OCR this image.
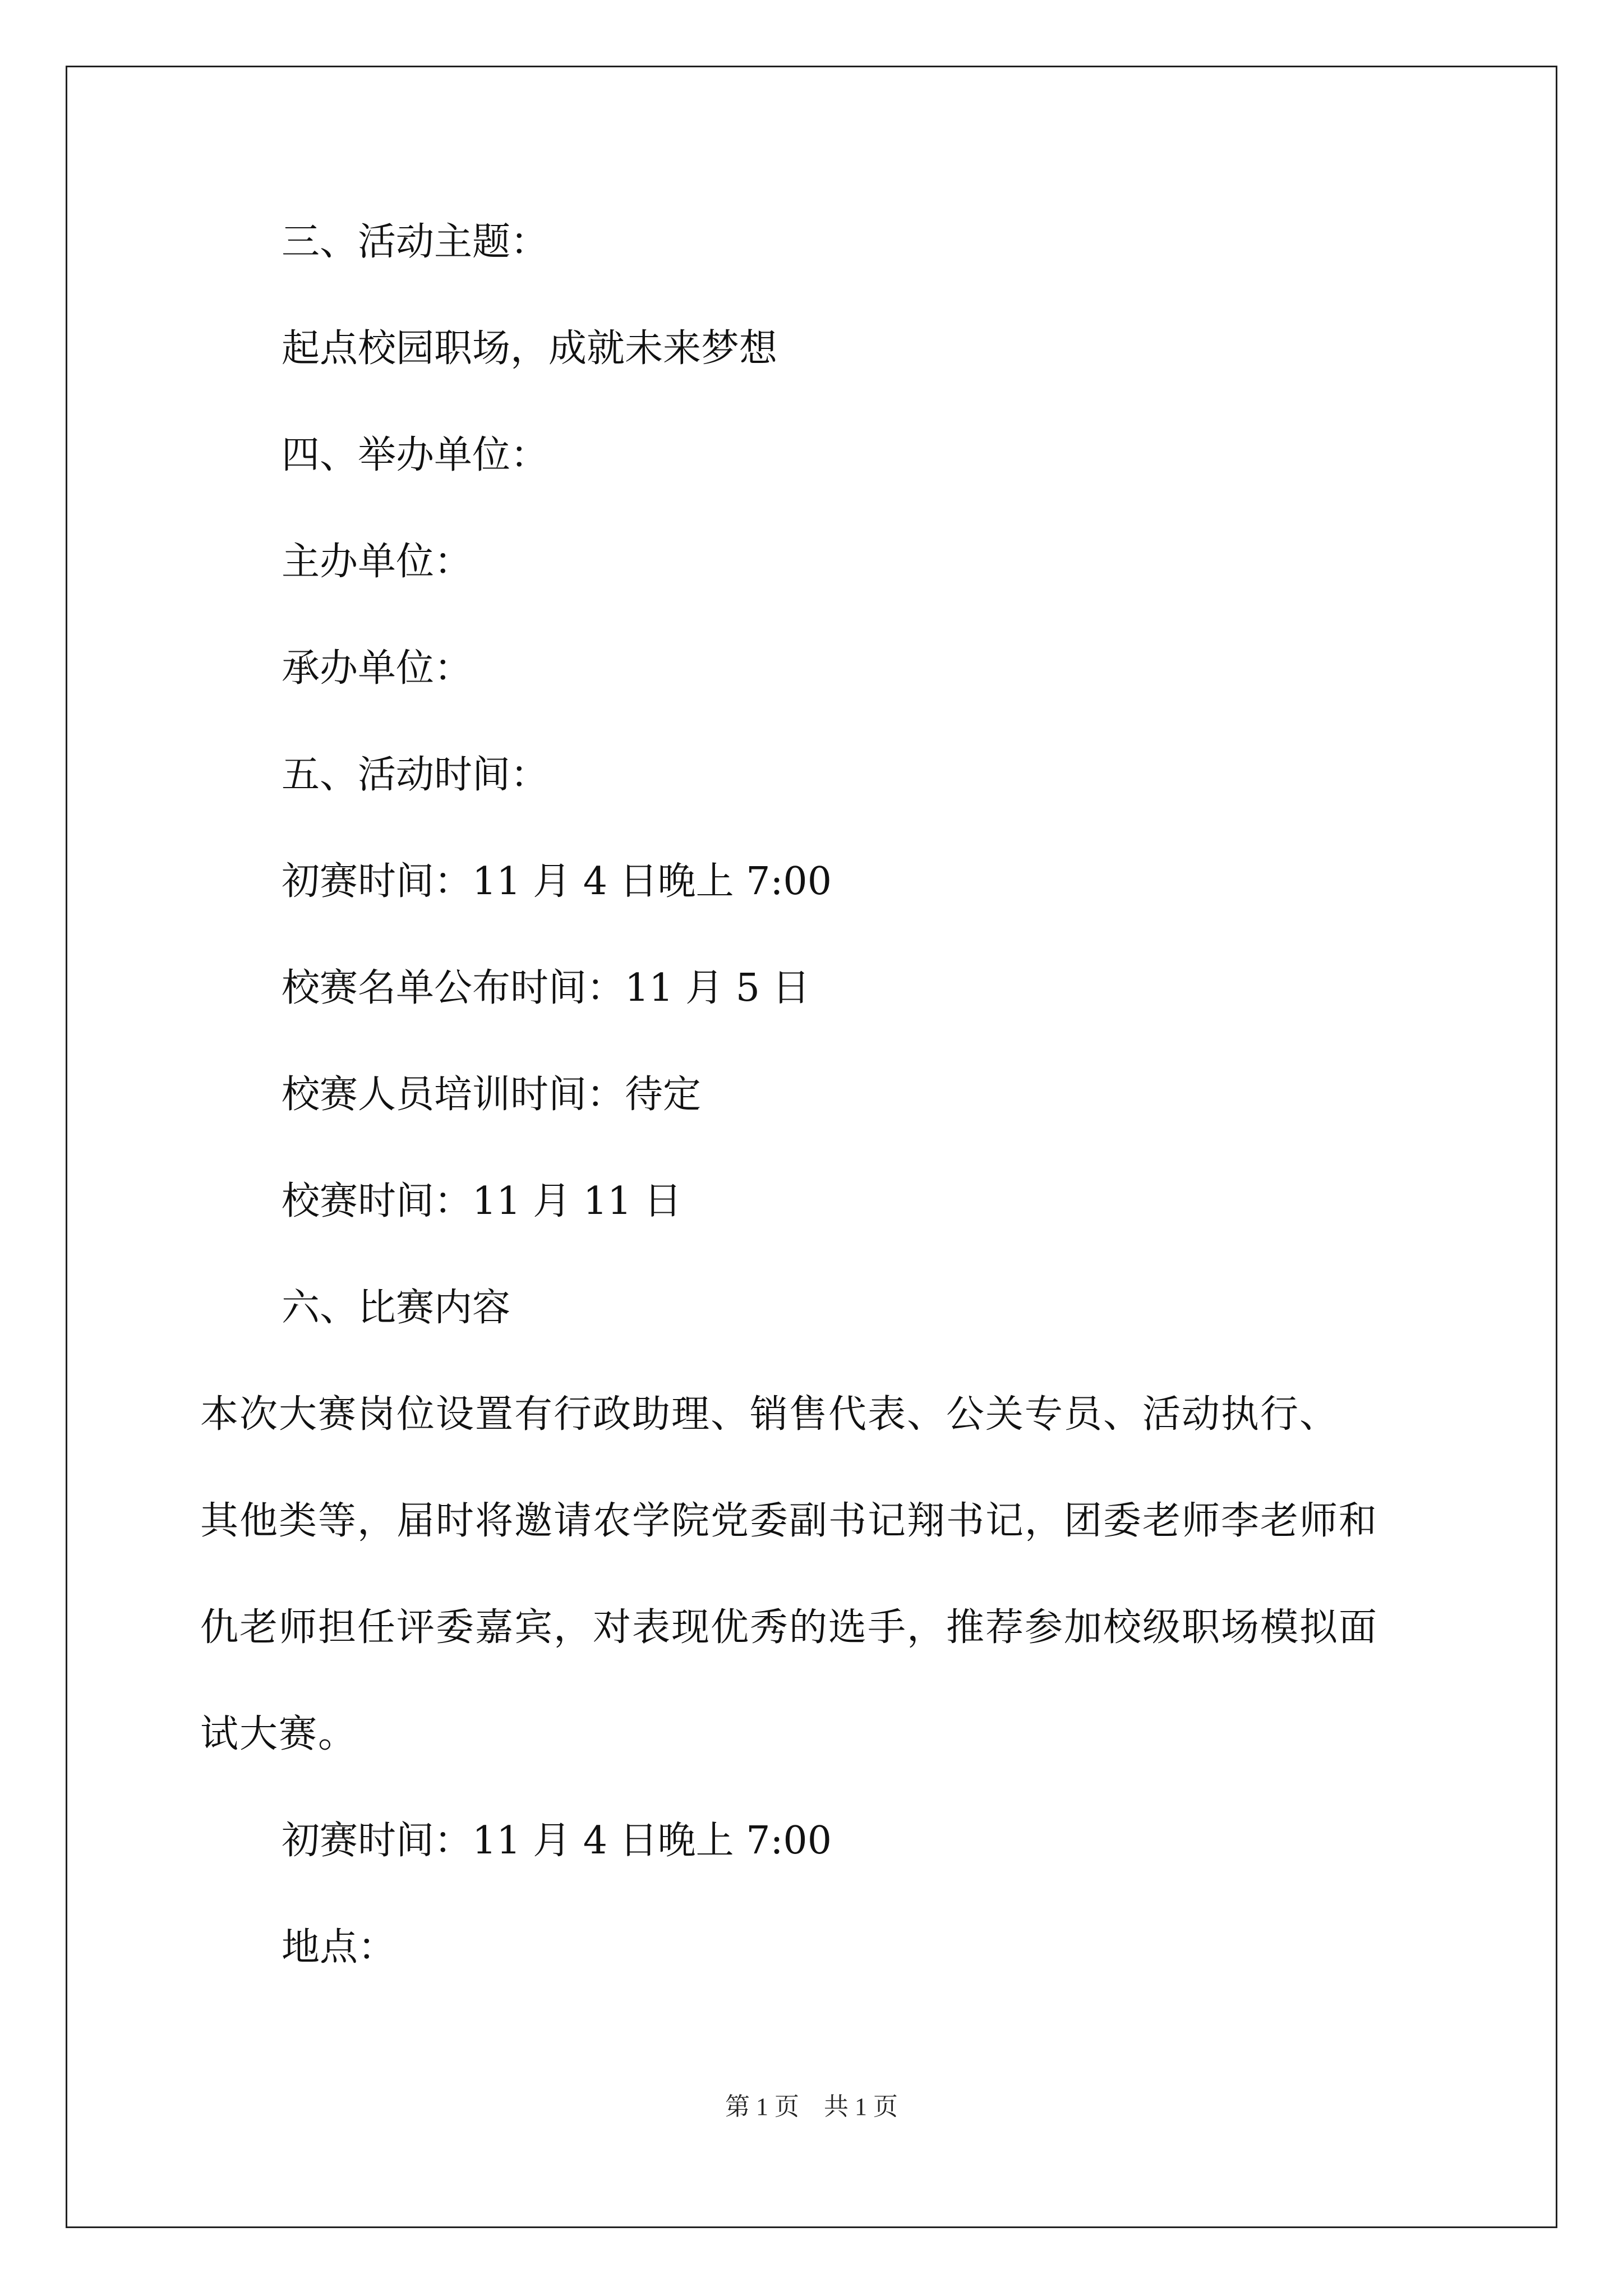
三、活动主题：
起点校园职场，成就未来梦想
四、举办单位：
主办单位：
承办单位：
五、活动时间：
初赛时间：11 月 4 日晚上 7:00
校赛名单公布时间：11 月 5 日
校赛人员培训时间：待定
校赛时间：11 月 11 日
六、比赛内容
本次大赛岗位设置有行政助理、销售代表、公关专员、活动执行、
其他类等，届时将邀请农学院党委副书记翔书记，团委老师李老师和
仇老师担任评委嘉宾，对表现优秀的选手，推荐参加校级职场模拟面
试大赛。
初赛时间：11 月 4 日晚上 7:00
地点：
第 1 页　共 1 页
